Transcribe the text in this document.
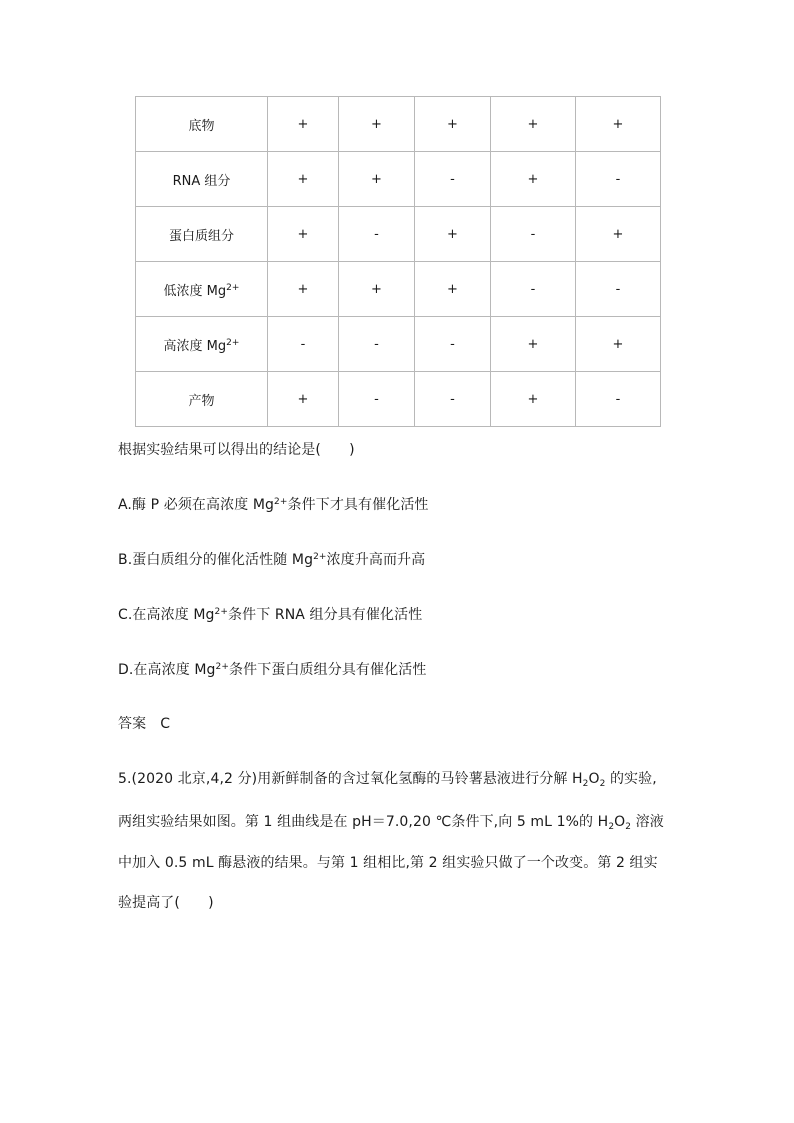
底物	+	+	+	+	+
RNA 组分	+	+	-	+	-
蛋白质组分	+	-	+	-	+
低浓度 $Mg^{2+}$	+	+	+	-	-
高浓度 $Mg^{2+}$	-	-	-	+	+
产物	+	-	-	+	-
根据实验结果可以得出的结论是(　　)
A.酶 P 必须在高浓度 $Mg^{2+}$条件下才具有催化活性
B.蛋白质组分的催化活性随 $Mg^{2+}$浓度升高而升高
C.在高浓度 $Mg^{2+}$条件下 RNA 组分具有催化活性
D.在高浓度 $Mg^{2+}$条件下蛋白质组分具有催化活性
答案　C
5.(2020 北京,4,2 分)用新鲜制备的含过氧化氢酶的马铃薯悬液进行分解 $H_2O_2$ 的实验,
两组实验结果如图。第 1 组曲线是在 pH＝7.0,20 ℃条件下,向 5 mL 1%的 $H_2O_2$ 溶液
中加入 0.5 mL 酶悬液的结果。与第 1 组相比,第 2 组实验只做了一个改变。第 2 组实
验提高了(　　)
